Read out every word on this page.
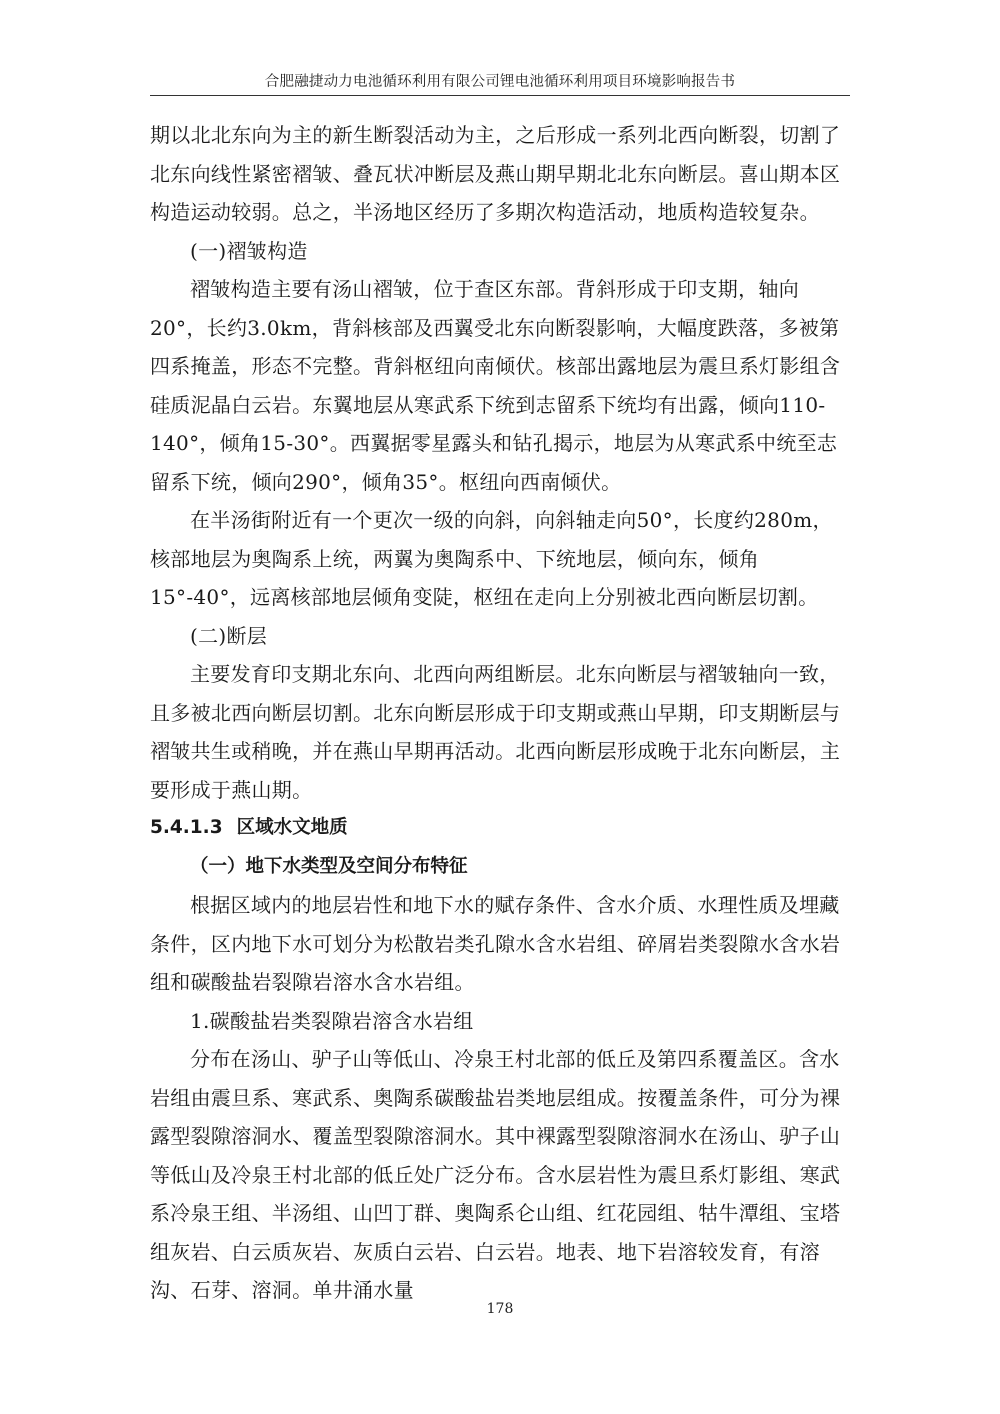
合肥融捷动力电池循环利用有限公司锂电池循环利用项目环境影响报告书

期以北北东向为主的新生断裂活动为主，之后形成一系列北西向断裂，切割了北东向线性紧密褶皱、叠瓦状冲断层及燕山期早期北北东向断层。喜山期本区构造运动较弱。总之，半汤地区经历了多期次构造活动，地质构造较复杂。

(一)褶皱构造

褶皱构造主要有汤山褶皱，位于查区东部。背斜形成于印支期，轴向20°，长约3.0km，背斜核部及西翼受北东向断裂影响，大幅度跌落，多被第四系掩盖，形态不完整。背斜枢纽向南倾伏。核部出露地层为震旦系灯影组含硅质泥晶白云岩。东翼地层从寒武系下统到志留系下统均有出露，倾向110-140°，倾角15-30°。西翼据零星露头和钻孔揭示，地层为从寒武系中统至志留系下统，倾向290°，倾角35°。枢纽向西南倾伏。

在半汤街附近有一个更次一级的向斜，向斜轴走向50°，长度约280m，核部地层为奥陶系上统，两翼为奥陶系中、下统地层，倾向东，倾角15°-40°，远离核部地层倾角变陡，枢纽在走向上分别被北西向断层切割。

(二)断层

主要发育印支期北东向、北西向两组断层。北东向断层与褶皱轴向一致，且多被北西向断层切割。北东向断层形成于印支期或燕山早期，印支期断层与褶皱共生或稍晚，并在燕山早期再活动。北西向断层形成晚于北东向断层，主要形成于燕山期。

5.4.1.3 区域水文地质
（一）地下水类型及空间分布特征

根据区域内的地层岩性和地下水的赋存条件、含水介质、水理性质及埋藏条件，区内地下水可划分为松散岩类孔隙水含水岩组、碎屑岩类裂隙水含水岩组和碳酸盐岩裂隙岩溶水含水岩组。

1.碳酸盐岩类裂隙岩溶含水岩组

分布在汤山、驴子山等低山、冷泉王村北部的低丘及第四系覆盖区。含水岩组由震旦系、寒武系、奥陶系碳酸盐岩类地层组成。按覆盖条件，可分为裸露型裂隙溶洞水、覆盖型裂隙溶洞水。其中裸露型裂隙溶洞水在汤山、驴子山等低山及冷泉王村北部的低丘处广泛分布。含水层岩性为震旦系灯影组、寒武系冷泉王组、半汤组、山凹丁群、奥陶系仑山组、红花园组、牯牛潭组、宝塔组灰岩、白云质灰岩、灰质白云岩、白云岩。地表、地下岩溶较发育，有溶沟、石芽、溶洞。单井涌水量

178
